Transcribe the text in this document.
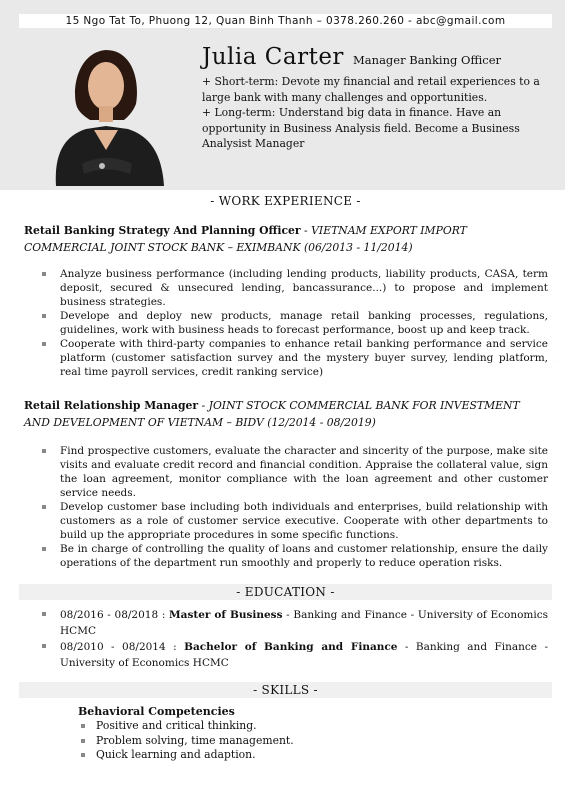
15 Ngo Tat To, Phuong 12, Quan Binh Thanh – 0378.260.260 - abc@gmail.com
Julia Carter Manager Banking Officer

+ Short-term: Devote my financial and retail experiences to a large bank with many challenges and opportunities.

+ Long-term: Understand big data in finance. Have an opportunity in Business Analysis field. Become a Business Analysist Manager

- WORK EXPERIENCE -
Retail Banking Strategy And Planning Officer - VIETNAM EXPORT IMPORT COMMERCIAL JOINT STOCK BANK – EXIMBANK (06/2013 - 11/2014)
Analyze business performance (including lending products, liability products, CASA, term deposit, secured & unsecured lending, bancassurance...) to propose and implement business strategies.
Develope and deploy new products, manage retail banking processes, regulations, guidelines, work with business heads to forecast performance, boost up and keep track.
Cooperate with third-party companies to enhance retail banking performance and service platform (customer satisfaction survey and the mystery buyer survey, lending platform, real time payroll services, credit ranking service)
Retail Relationship Manager - JOINT STOCK COMMERCIAL BANK FOR INVESTMENT AND DEVELOPMENT OF VIETNAM – BIDV (12/2014 - 08/2019)
Find prospective customers, evaluate the character and sincerity of the purpose, make site visits and evaluate credit record and financial condition. Appraise the collateral value, sign the loan agreement, monitor compliance with the loan agreement and other customer service needs.
Develop customer base including both individuals and enterprises, build relationship with customers as a role of customer service executive. Cooperate with other departments to build up the appropriate procedures in some specific functions.
Be in charge of controlling the quality of loans and customer relationship, ensure the daily operations of the department run smoothly and properly to reduce operation risks.
- EDUCATION -
08/2016 - 08/2018 : Master of Business - Banking and Finance - University of Economics HCMC
08/2010 - 08/2014 : Bachelor of Banking and Finance - Banking and Finance - University of Economics HCMC
- SKILLS -
Behavioral Competencies
Positive and critical thinking.
Problem solving, time management.
Quick learning and adaption.
